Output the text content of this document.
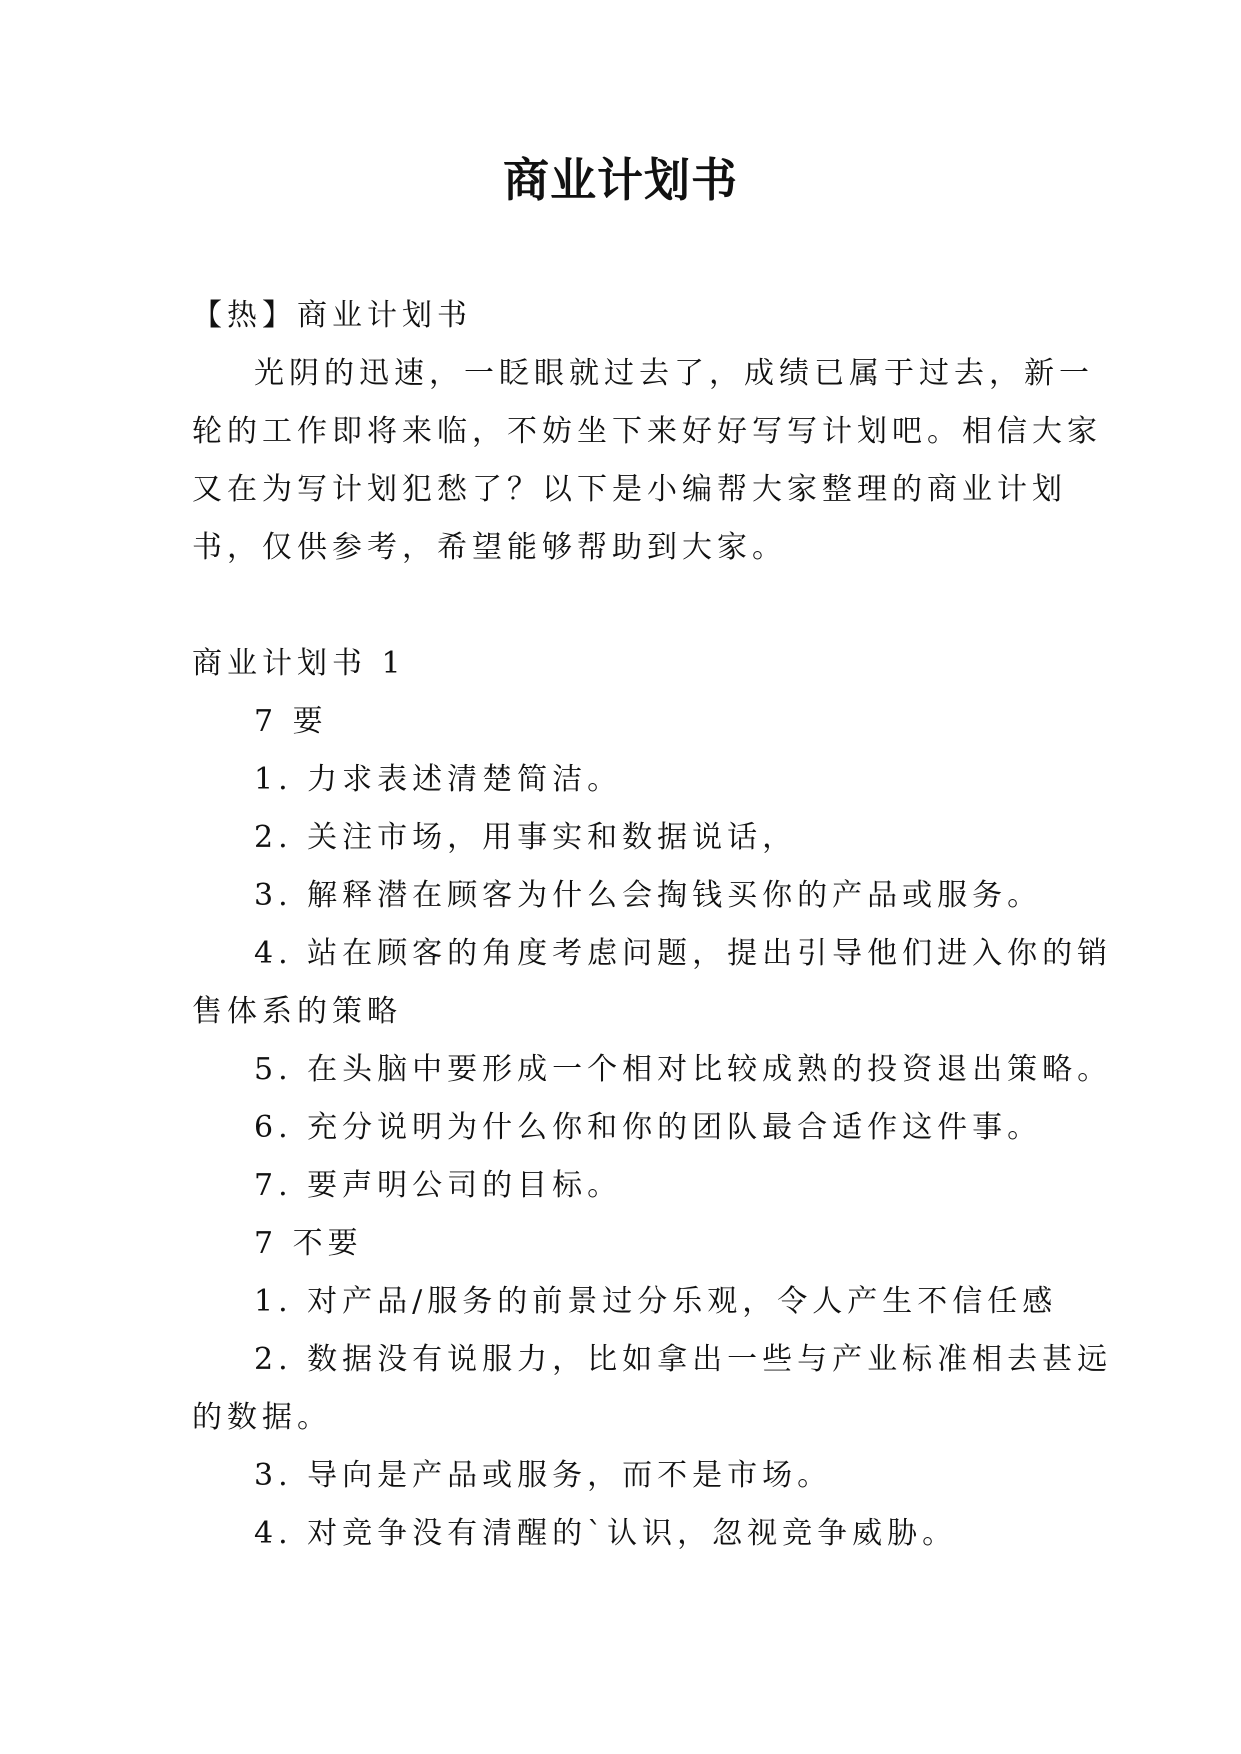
商业计划书
【热】商业计划书
光阴的迅速，一眨眼就过去了，成绩已属于过去，新一
轮的工作即将来临，不妨坐下来好好写写计划吧。相信大家
又在为写计划犯愁了？以下是小编帮大家整理的商业计划
书，仅供参考，希望能够帮助到大家。
商业计划书 1
7 要
1. 力求表述清楚简洁。
2. 关注市场，用事实和数据说话，
3. 解释潜在顾客为什么会掏钱买你的产品或服务。
4. 站在顾客的角度考虑问题，提出引导他们进入你的销
售体系的策略
5. 在头脑中要形成一个相对比较成熟的投资退出策略。
6. 充分说明为什么你和你的团队最合适作这件事。
7. 要声明公司的目标。
7 不要
1. 对产品/服务的前景过分乐观，令人产生不信任感
2. 数据没有说服力，比如拿出一些与产业标准相去甚远
的数据。
3. 导向是产品或服务，而不是市场。
4. 对竞争没有清醒的`认识，忽视竞争威胁。
